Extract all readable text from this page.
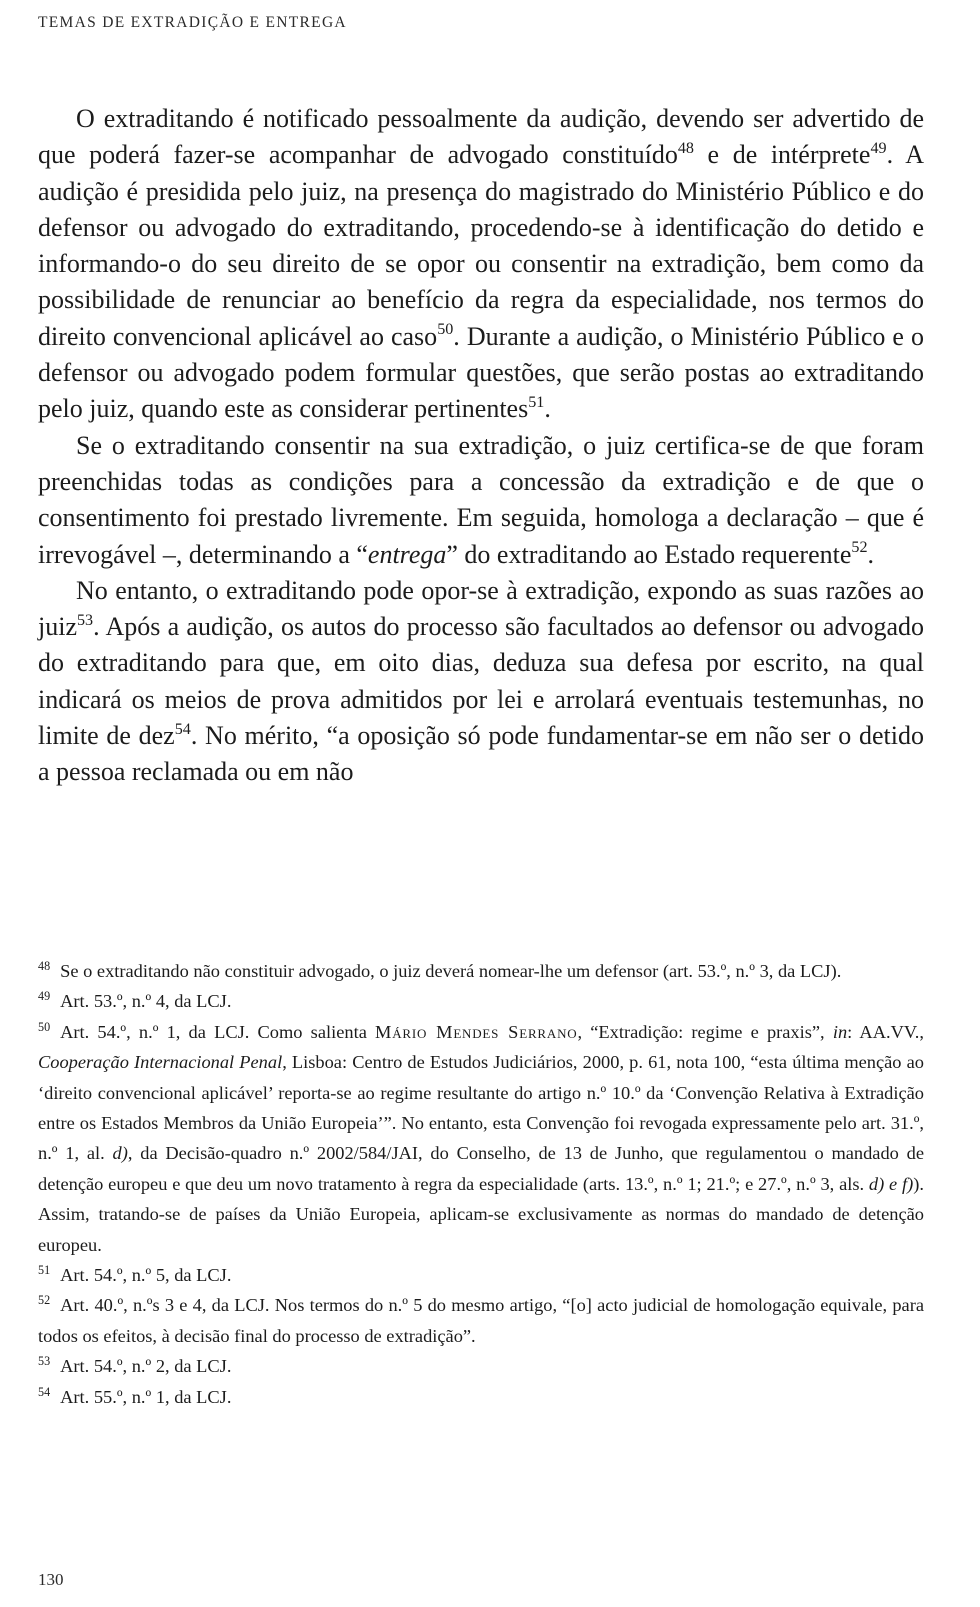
TEMAS DE EXTRADIÇÃO E ENTREGA

O extraditando é notificado pessoalmente da audição, devendo ser advertido de que poderá fazer-se acompanhar de advogado constituído$^{48}$ e de intérprete$^{49}$. A audição é presidida pelo juiz, na presença do magistrado do Ministério Público e do defensor ou advogado do extraditando, procedendo-se à identificação do detido e informando-o do seu direito de se opor ou consentir na extradição, bem como da possibilidade de renunciar ao benefício da regra da especialidade, nos termos do direito convencional aplicável ao caso$^{50}$. Durante a audição, o Ministério Público e o defensor ou advogado podem formular questões, que serão postas ao extraditando pelo juiz, quando este as considerar pertinentes$^{51}$.

Se o extraditando consentir na sua extradição, o juiz certifica-se de que foram preenchidas todas as condições para a concessão da extradição e de que o consentimento foi prestado livremente. Em seguida, homologa a declaração – que é irrevogável –, determinando a “entrega” do extraditando ao Estado requerente$^{52}$.

No entanto, o extraditando pode opor-se à extradição, expondo as suas razões ao juiz$^{53}$. Após a audição, os autos do processo são facultados ao defensor ou advogado do extraditando para que, em oito dias, deduza sua defesa por escrito, na qual indicará os meios de prova admitidos por lei e arrolará eventuais testemunhas, no limite de dez$^{54}$. No mérito, “a oposição só pode fundamentar-se em não ser o detido a pessoa reclamada ou em não

$^{48}$ Se o extraditando não constituir advogado, o juiz deverá nomear-lhe um defensor (art. 53.º, n.º 3, da LCJ).

$^{49}$ Art. 53.º, n.º 4, da LCJ.

$^{50}$ Art. 54.º, n.º 1, da LCJ. Como salienta Mário Mendes Serrano, “Extradição: regime e praxis”, in: AA.VV., Cooperação Internacional Penal, Lisboa: Centro de Estudos Judiciários, 2000, p. 61, nota 100, “esta última menção ao ‘direito convencional aplicável’ reporta-se ao regime resultante do artigo n.º 10.º da ‘Convenção Relativa à Extradição entre os Estados Membros da União Europeia’”. No entanto, esta Convenção foi revogada expressamente pelo art. 31.º, n.º 1, al. d), da Decisão-quadro n.º 2002/584/JAI, do Conselho, de 13 de Junho, que regulamentou o mandado de detenção europeu e que deu um novo tratamento à regra da especialidade (arts. 13.º, n.º 1; 21.º; e 27.º, n.º 3, als. d) e f)). Assim, tratando-se de países da União Europeia, aplicam-se exclusivamente as normas do mandado de detenção europeu.

$^{51}$ Art. 54.º, n.º 5, da LCJ.

$^{52}$ Art. 40.º, n.ºs 3 e 4, da LCJ. Nos termos do n.º 5 do mesmo artigo, “[o] acto judicial de homologação equivale, para todos os efeitos, à decisão final do processo de extradição”.

$^{53}$ Art. 54.º, n.º 2, da LCJ.

$^{54}$ Art. 55.º, n.º 1, da LCJ.

130
